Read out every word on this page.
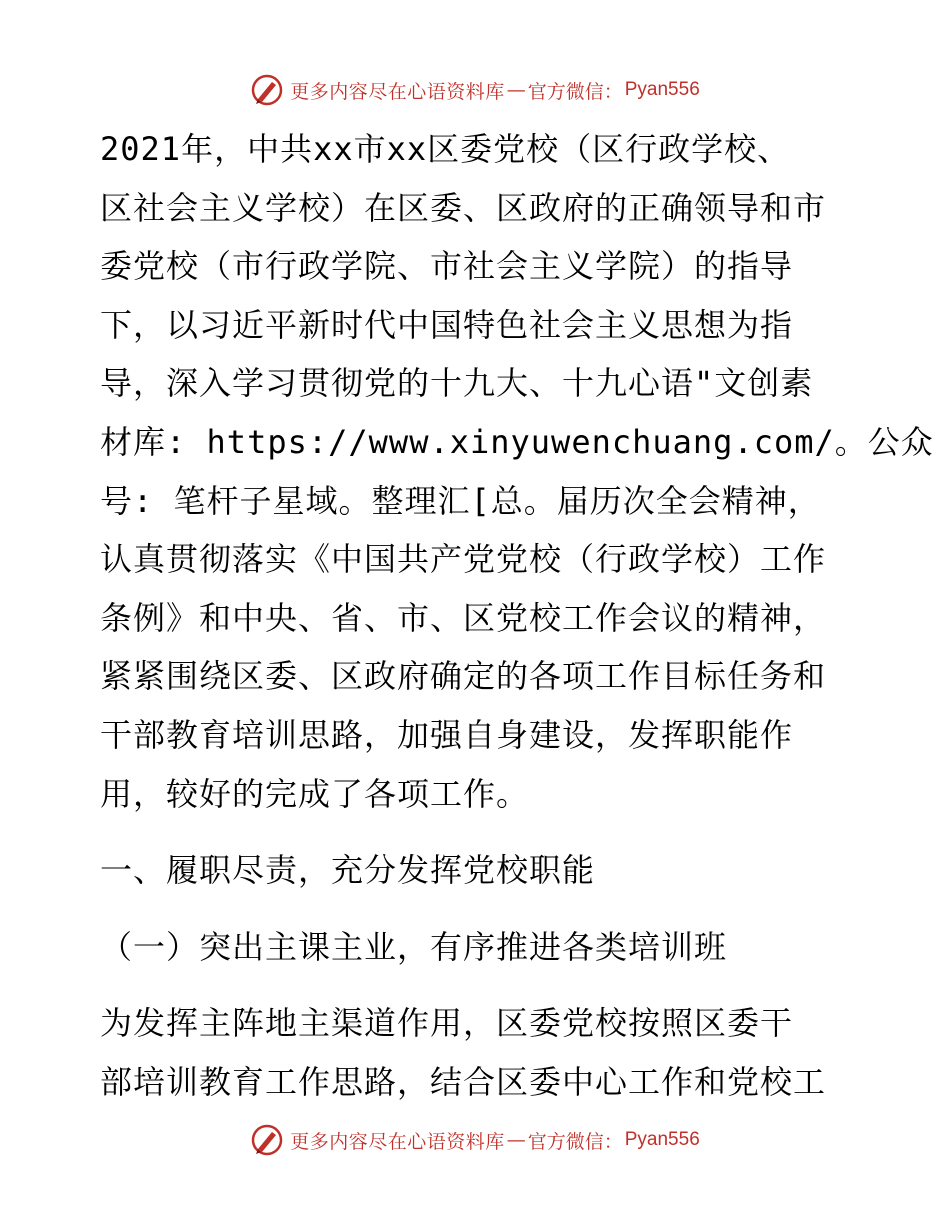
更多内容尽在心语资料库 — 官方微信： Pyan556
2021年，中共xx市xx区委党校（区行政学校、
区社会主义学校）在区委、区政府的正确领导和市
委党校（市行政学院、市社会主义学院）的指导
下，以习近平新时代中国特色社会主义思想为指
导，深入学习贯彻党的十九大、十九心语"文创素
材库: https://www.xinyuwenchuang.com/。公众
号: 笔杆子星域。整理汇[总。届历次全会精神，
认真贯彻落实《中国共产党党校（行政学校）工作
条例》和中央、省、市、区党校工作会议的精神，
紧紧围绕区委、区政府确定的各项工作目标任务和
干部教育培训思路，加强自身建设，发挥职能作
用，较好的完成了各项工作。
一、履职尽责，充分发挥党校职能
（一）突出主课主业，有序推进各类培训班
为发挥主阵地主渠道作用，区委党校按照区委干
部培训教育工作思路，结合区委中心工作和党校工
更多内容尽在心语资料库 — 官方微信： Pyan556
